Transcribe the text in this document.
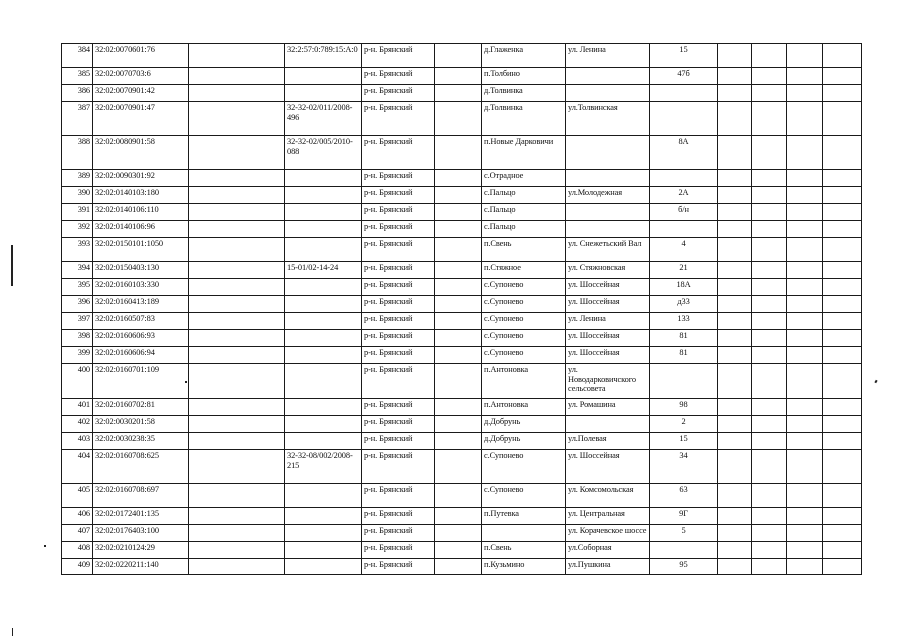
384	32:02:0070601:76		32:2:57:0:789:15:А:0	р-н. Брянский		д.Глаженка	ул. Ленина	15				
385	32:02:0070703:6			р-н. Брянский		п.Толбино		47б				
386	32:02:0070901:42			р-н. Брянский		д.Толвинка						
387	32:02:0070901:47		32-32-02/011/2008-496	р-н. Брянский		д.Толвинка	ул.Толвинская					
388	32:02:0080901:58		32-32-02/005/2010-088	р-н. Брянский		п.Новые Дарковичи		8А				
389	32:02:0090301:92			р-н. Брянский		с.Отрадное						
390	32:02:0140103:180			р-н. Брянский		с.Пальцо	ул.Молодежная	2А				
391	32:02:0140106:110			р-н. Брянский		с.Пальцо		б/н				
392	32:02:0140106:96			р-н. Брянский		с.Пальцо						
393	32:02:0150101:1050			р-н. Брянский		п.Свень	ул. Снежетьский Вал	4				
394	32:02:0150403:130		15-01/02-14-24	р-н. Брянский		п.Стяжное	ул. Стяжновская	21				
395	32:02:0160103:330			р-н. Брянский		с.Супонево	ул. Шоссейная	18А				
396	32:02:0160413:189			р-н. Брянский		с.Супонево	ул. Шоссейная	д33				
397	32:02:0160507:83			р-н. Брянский		с.Супонево	ул. Ленина	133				
398	32:02:0160606:93			р-н. Брянский		с.Супонево	ул. Шоссейная	81				
399	32:02:0160606:94			р-н. Брянский		с.Супонево	ул. Шоссейная	81				
400	32:02:0160701:109			р-н. Брянский		п.Антоновка	ул. Новодарковичского сельсовета					
401	32:02:0160702:81			р-н. Брянский		п.Антоновка	ул. Ромашина	98				
402	32:02:0030201:58			р-н. Брянский		д.Добрунь		2				
403	32:02:0030238:35			р-н. Брянский		д.Добрунь	ул.Полевая	15				
404	32:02:0160708:625		32-32-08/002/2008-215	р-н. Брянский		с.Супонево	ул. Шоссейная	34				
405	32:02:0160708:697			р-н. Брянский		с.Супонево	ул. Комсомольская	63				
406	32:02:0172401:135			р-н. Брянский		п.Путевка	ул. Центральная	9Г				
407	32:02:0176403:100			р-н. Брянский			ул. Корачевское шоссе	5				
408	32:02:0210124:29			р-н. Брянский		п.Свень	ул.Соборная					
409	32:02:0220211:140			р-н. Брянский		п.Кузьмино	ул.Пушкина	95				
